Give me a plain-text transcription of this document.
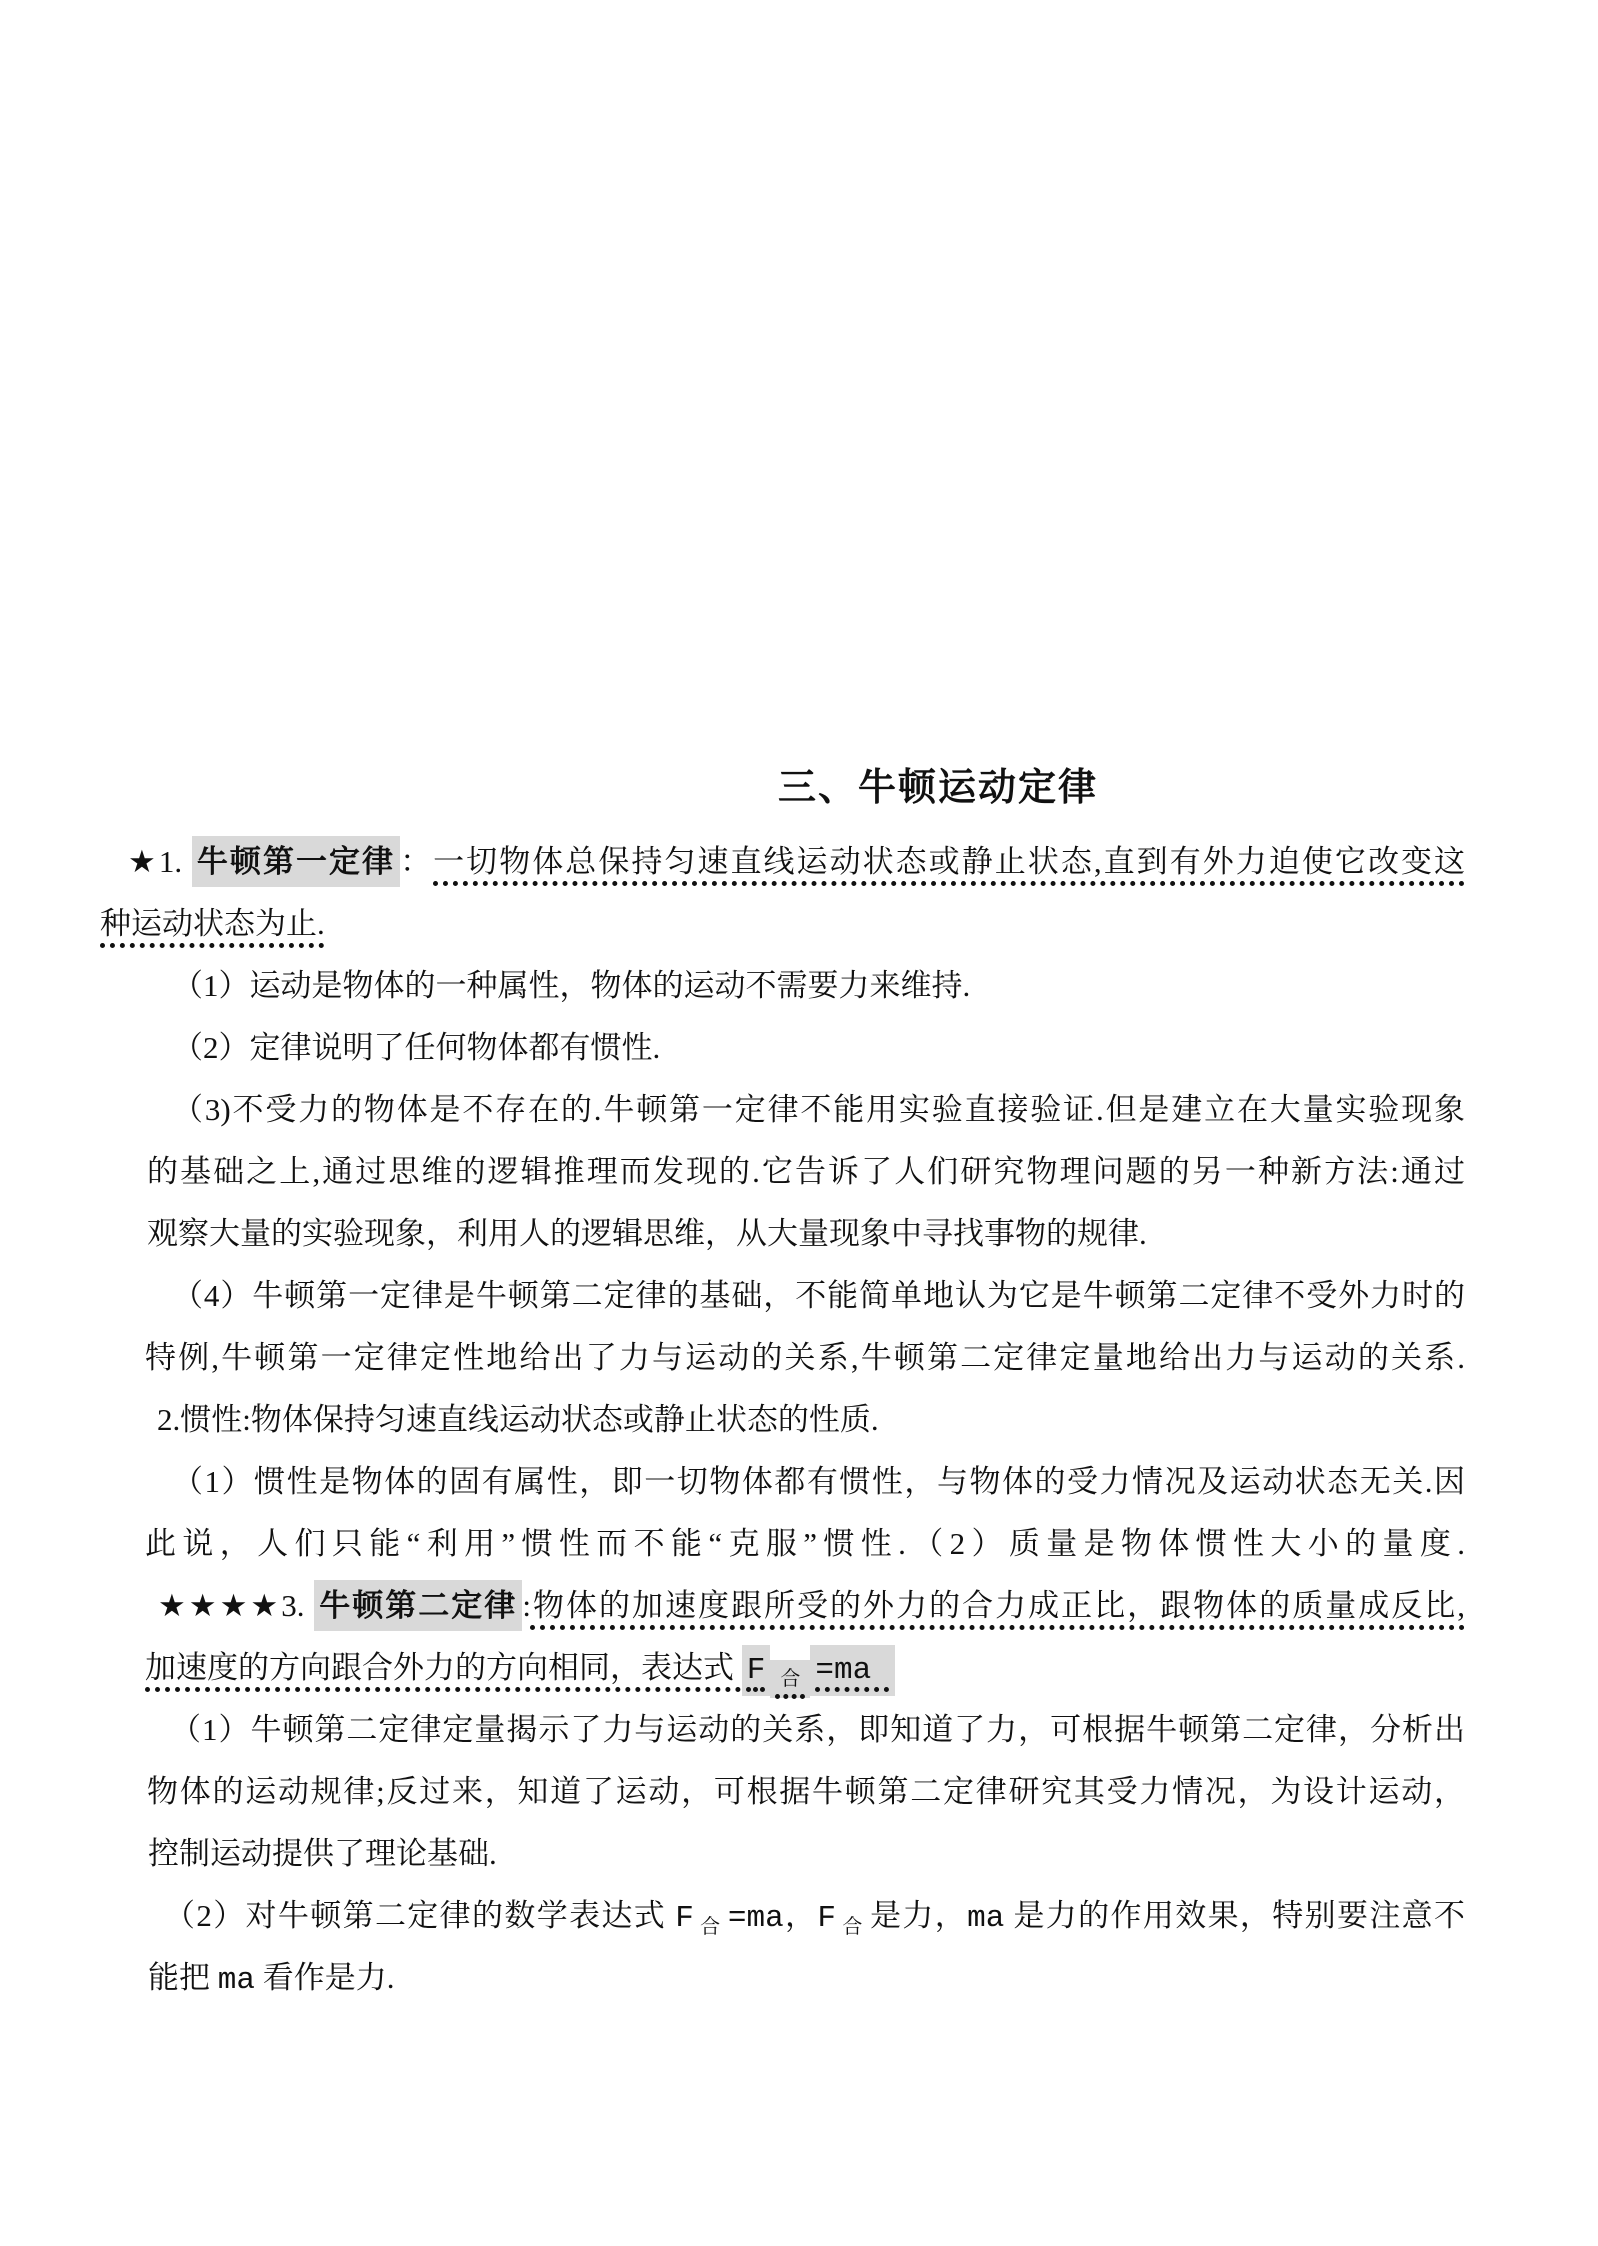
三、牛顿运动定律
★1. 牛顿第一定律 ：一切物体总保持匀速直线运动状态或静止状态,直到有外力迫使它改变这
种运动状态为止.
（1）运动是物体的一种属性，物体的运动不需要力来维持.
（2）定律说明了任何物体都有惯性.
（3)不受力的物体是不存在的.牛顿第一定律不能用实验直接验证.但是建立在大量实验现象
的基础之上,通过思维的逻辑推理而发现的.它告诉了人们研究物理问题的另一种新方法:通过
观察大量的实验现象，利用人的逻辑思维，从大量现象中寻找事物的规律.
（4）牛顿第一定律是牛顿第二定律的基础，不能简单地认为它是牛顿第二定律不受外力时的
特例,牛顿第一定律定性地给出了力与运动的关系,牛顿第二定律定量地给出力与运动的关系.
2.惯性:物体保持匀速直线运动状态或静止状态的性质.
（1）惯性是物体的固有属性，即一切物体都有惯性，与物体的受力情况及运动状态无关.因
此说，人们只能“利用”惯性而不能“克服”惯性.（2）质量是物体惯性大小的量度.
★★★★3. 牛顿第二定律 :物体的加速度跟所受的外力的合力成正比，跟物体的质量成反比,
加速度的方向跟合外力的方向相同，表达式 F $_合$ =ma
（1）牛顿第二定律定量揭示了力与运动的关系，即知道了力，可根据牛顿第二定律，分析出
物体的运动规律;反过来，知道了运动，可根据牛顿第二定律研究其受力情况，为设计运动，
控制运动提供了理论基础.
（2）对牛顿第二定律的数学表达式 F $_合$ =ma，F $_合$ 是力，ma 是力的作用效果，特别要注意不
能把 ma 看作是力.
